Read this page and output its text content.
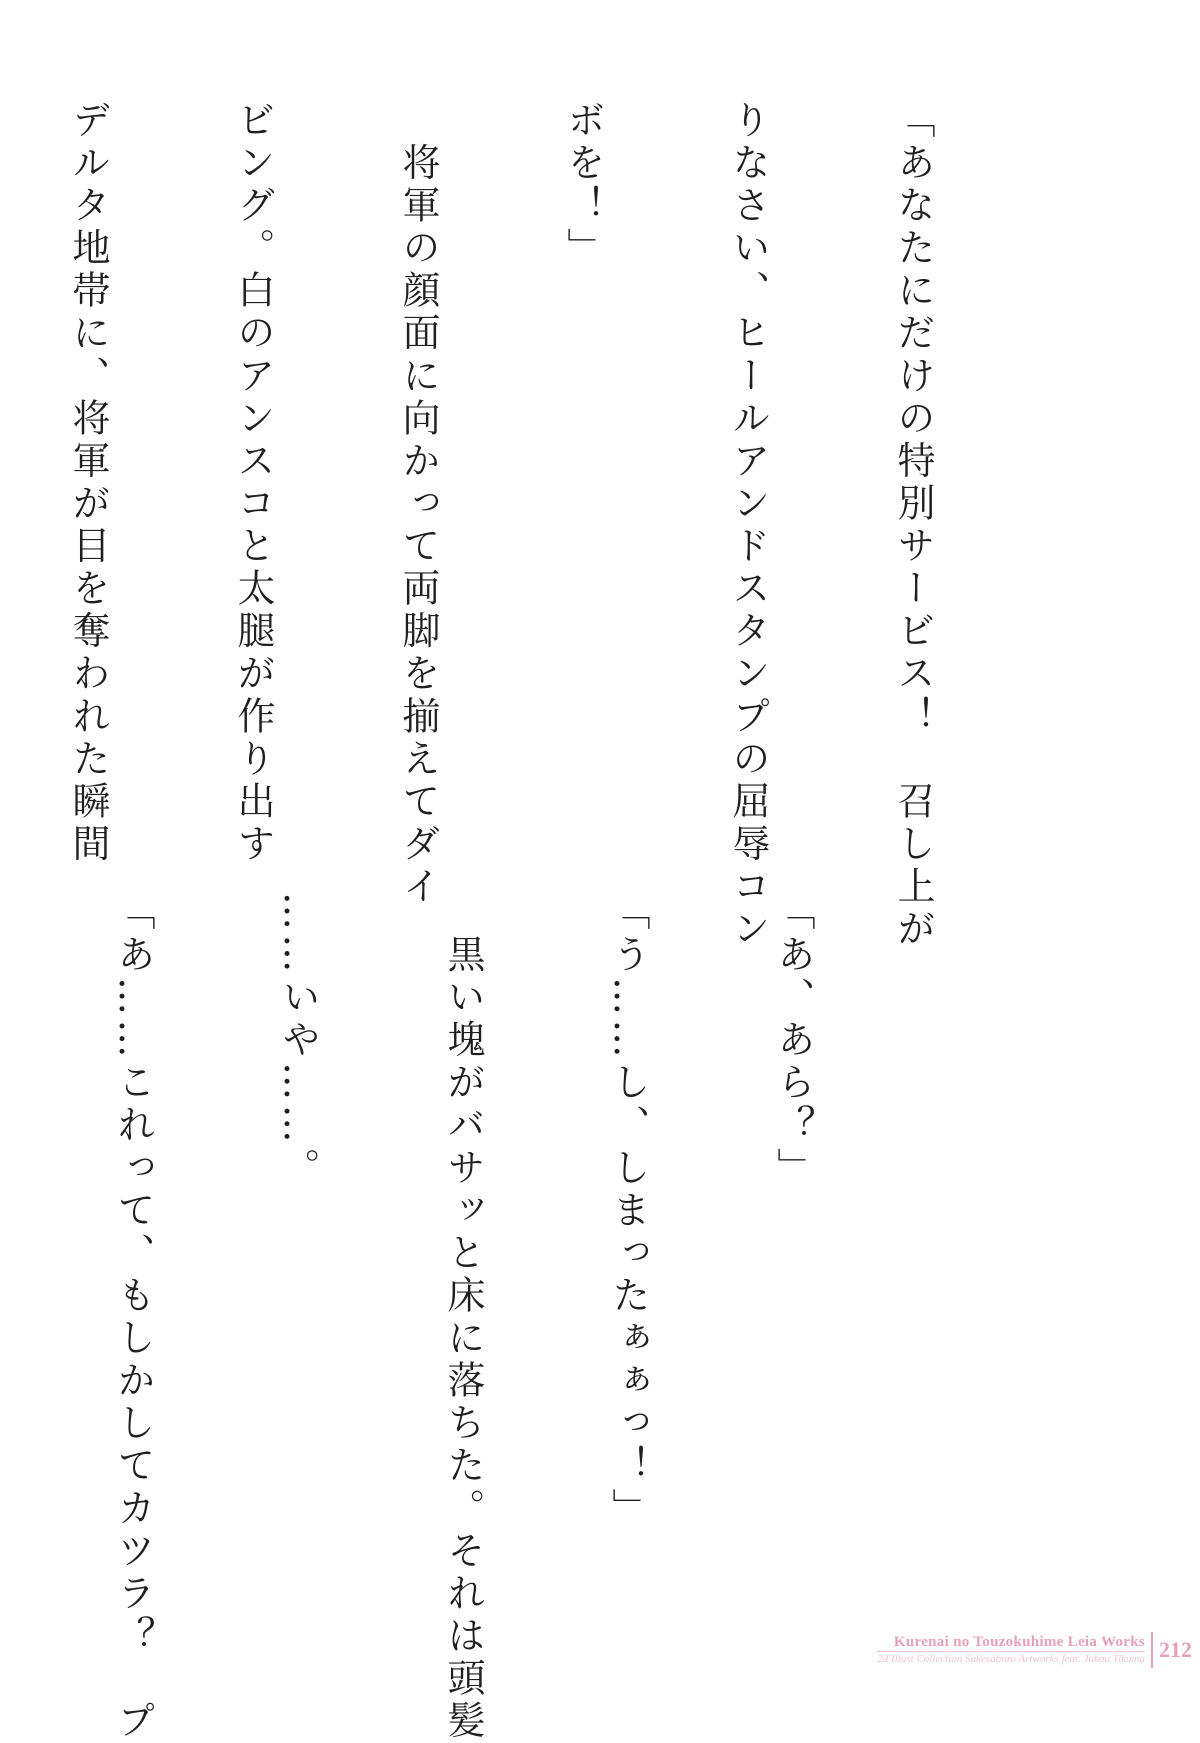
「あなたにだけの特別サービス！　召し上が

りなさい、ヒールアンドスタンプの屈辱コン

ボを！」

　将軍の顔面に向かって両脚を揃えてダイ

ビング。白のアンスコと太腿が作り出す

デルタ地帯に、将軍が目を奪われた瞬間

「あ、あら？」

「う……し、しまったぁぁっ！」

　黒い塊がバサッと床に落ちた。それは頭髪

……いや……。

「あ……これって、もしかしてカツラ？　プ

	Kurenai no Touzokuhime Leia Works
2d Illust Collection Sukesaburo Artworks feat. Jukou Tikuma 212
